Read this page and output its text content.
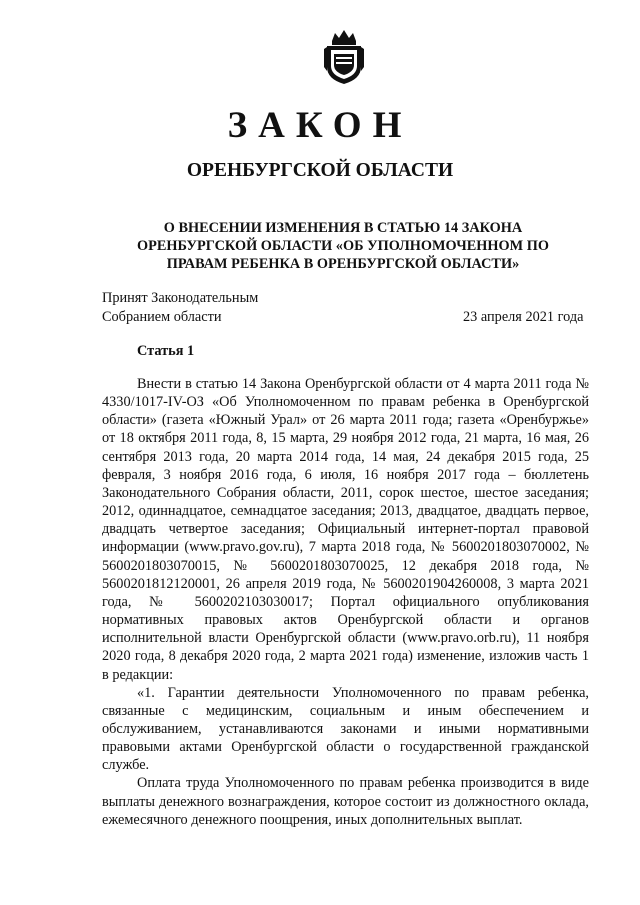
ЗАКОН
ОРЕНБУРГСКОЙ ОБЛАСТИ
О ВНЕСЕНИИ ИЗМЕНЕНИЯ В СТАТЬЮ 14 ЗАКОНА
ОРЕНБУРГСКОЙ ОБЛАСТИ «ОБ УПОЛНОМОЧЕННОМ ПО
ПРАВАМ РЕБЕНКА В ОРЕНБУРГСКОЙ ОБЛАСТИ»
Принят Законодательным
Собранием области	23 апреля 2021 года
Статья 1

Внести в статью 14 Закона Оренбургской области от 4 марта 2011 года № 4330/1017-IV-ОЗ «Об Уполномоченном по правам ребенка в Оренбургской области» (газета «Южный Урал» от 26 марта 2011 года; газета «Оренбуржье» от 18 октября 2011 года, 8, 15 марта, 29 ноября 2012 года, 21 марта, 16 мая, 26 сентября 2013 года, 20 марта 2014 года, 14 мая, 24 декабря 2015 года, 25 февраля, 3 ноября 2016 года, 6 июля, 16 ноября 2017 года – бюллетень Законодательного Собрания области, 2011, сорок шестое, шестое заседания; 2012, одиннадцатое, семнадцатое заседания; 2013, двадцатое, двадцать первое, двадцать четвертое заседания; Официальный интернет-портал правовой информации (www.pravo.gov.ru), 7 марта 2018 года, № 5600201803070002, № 5600201803070015, № 5600201803070025, 12 декабря 2018 года, № 5600201812120001, 26 апреля 2019 года, № 5600201904260008, 3 марта 2021 года, № 5600202103030017; Портал официального опубликования нормативных правовых актов Оренбургской области и органов исполнительной власти Оренбургской области (www.pravo.orb.ru), 11 ноября 2020 года, 8 декабря 2020 года, 2 марта 2021 года) изменение, изложив часть 1 в редакции:

«1. Гарантии деятельности Уполномоченного по правам ребенка, связанные с медицинским, социальным и иным обеспечением и обслуживанием, устанавливаются законами и иными нормативными правовыми актами Оренбургской области о государственной гражданской службе.

Оплата труда Уполномоченного по правам ребенка производится в виде выплаты денежного вознаграждения, которое состоит из должностного оклада, ежемесячного денежного поощрения, иных дополнительных выплат.
